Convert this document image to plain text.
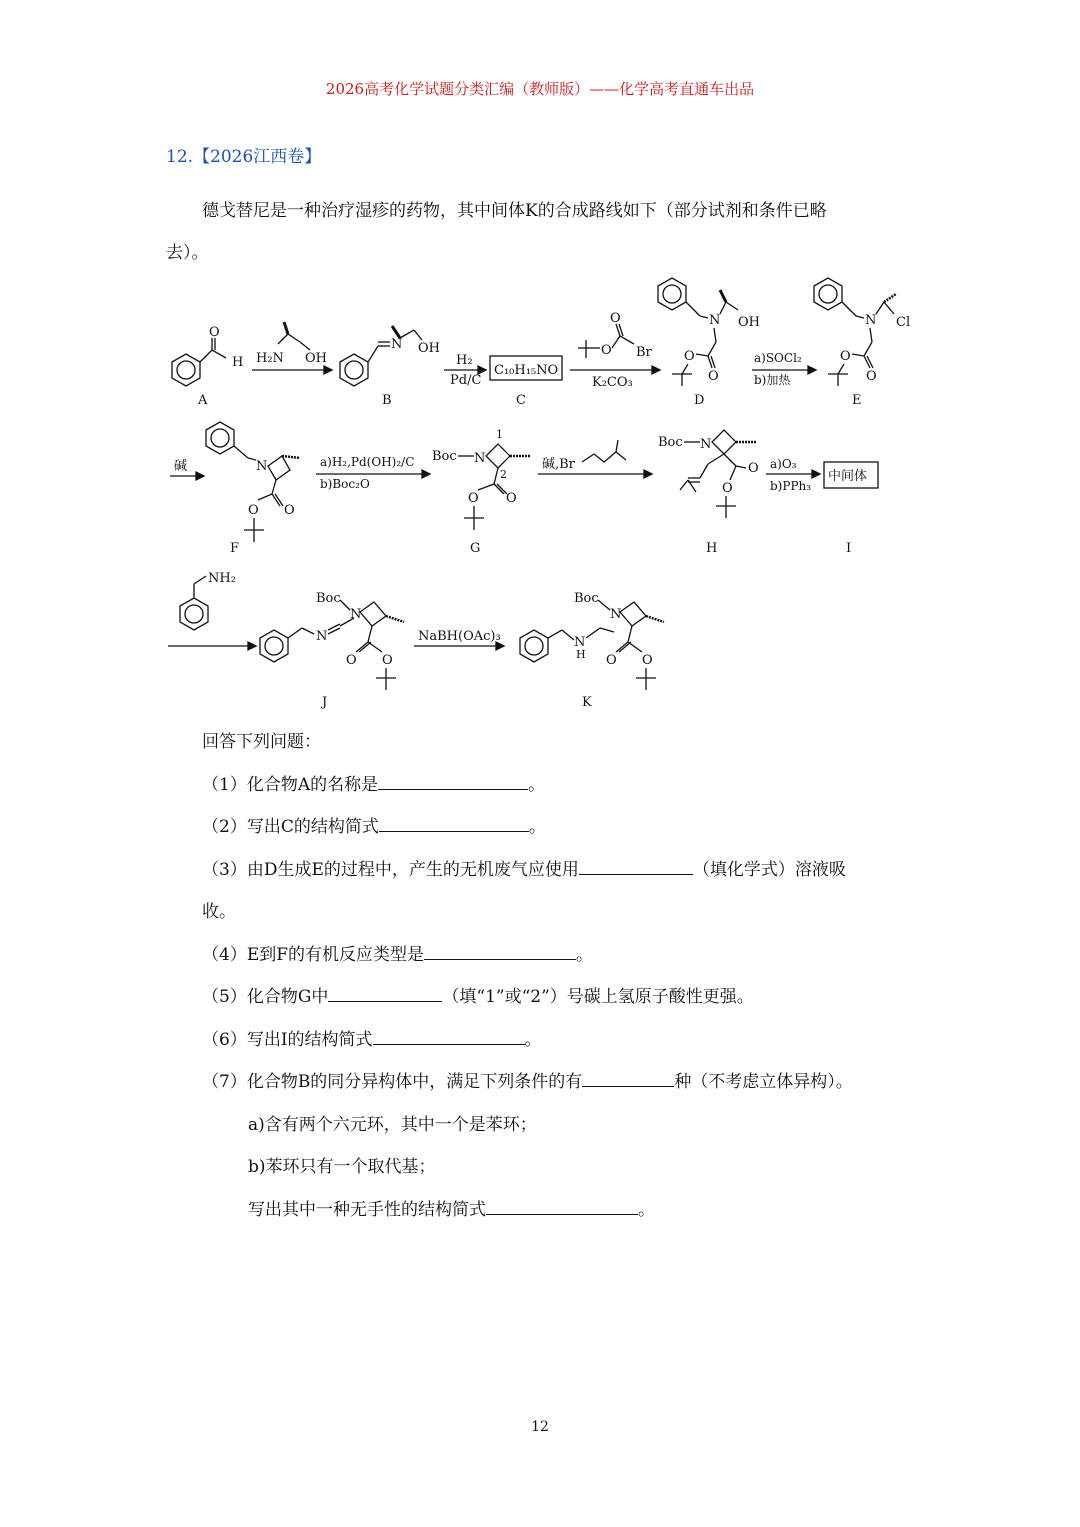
2026高考化学试题分类汇编（教师版）——化学高考直通车出品
12.【2026江西卷】
德戈替尼是一种治疗湿疹的药物，其中间体K的合成路线如下（部分试剂和条件已略
去）。
O
H
A
H₂N OH
N OH
B
H₂
Pd/C
C₁₀H₁₅NO
C
O
O
Br
K₂CO₃
N OH
O
O
D
a)SOCl₂
b)加热
N Cl
O
O
E
碱	N
O
O
F
a)H₂,Pd(OH)₂/C
b)Boc₂O
Boc N
1
2
O
O
G
碱,Br
Boc N
O
O
H
a)O₃
b)PPh₃
中间体
I
NH₂
N
Boc
N
O O
J
NaBH(OAc)₃	N
H
Boc
N
O O
K
回答下列问题：
（1）化合物A的名称是	。
（2）写出C的结构简式	。
（3）由D生成E的过程中，产生的无机废气应使用	（填化学式）溶液吸
收。
（4）E到F的有机反应类型是	。
（5）化合物G中	（填“1”或“2”）号碳上氢原子酸性更强。
（6）写出I的结构简式	。
（7）化合物B的同分异构体中，满足下列条件的有	种（不考虑立体异构）。
a)含有两个六元环，其中一个是苯环；
b)苯环只有一个取代基；
写出其中一种无手性的结构简式	。
12
